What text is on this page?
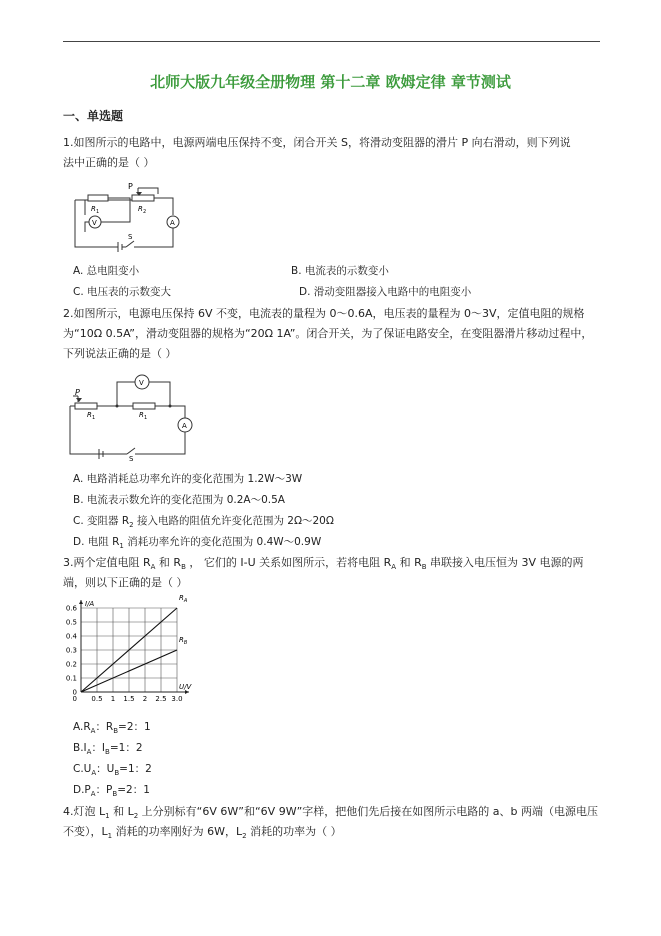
北师大版九年级全册物理 第十二章 欧姆定律 章节测试
一、单选题
1.如图所示的电路中，电源两端电压保持不变，闭合开关 S，将滑动变阻器的滑片 P 向右滑动，则下列说
法中正确的是（ ）
P
R 1	R 2
V	A
S
A. 总电阻变小	B. 电流表的示数变小
C. 电压表的示数变大	D. 滑动变阻器接入电路中的电阻变小
2.如图所示，电源电压保持 6V 不变，电流表的量程为 0～0.6A，电压表的量程为 0～3V，定值电阻的规格
为“10Ω 0.5A”，滑动变阻器的规格为“20Ω 1A”。闭合开关，为了保证电路安全，在变阻器滑片移动过程中，
下列说法正确的是（ ）
P
R 1	R 1
V
A
S
A. 电路消耗总功率允许的变化范围为 1.2W～3W
B. 电流表示数允许的变化范围为 0.2A～0.5A
C. 变阻器 $R_2$ 接入电路的阻值允许变化范围为 2Ω～20Ω
D. 电阻 $R_1$ 消耗功率允许的变化范围为 0.4W～0.9W
3.两个定值电阻 $R_A$ 和 $R_B$ ， 它们的 I-U 关系如图所示，若将电阻 $R_A$ 和 $R_B$ 串联接入电压恒为 3V 电源的两
端，则以下正确的是（ ）
0.5 1 1.5 2 2.5 3.0
0
0.1
0.2
0.3
0.4
0.5
0.6
U/V
I/A
$R_A$
$R_B$
0
$A.R_A$：$R_B=2$：1
$B.I_A$：$I_B=1$：2
$C.U_A$：$U_B=1$：2
$D.P_A$：$P_B=2$：1
4.灯泡 $L_1$ 和 $L_2$ 上分别标有“6V 6W”和“6V 9W”字样，把他们先后接在如图所示电路的 a、b 两端（电源电压
不变），$L_1$ 消耗的功率刚好为 6W，$L_2$ 消耗的功率为（ ）
